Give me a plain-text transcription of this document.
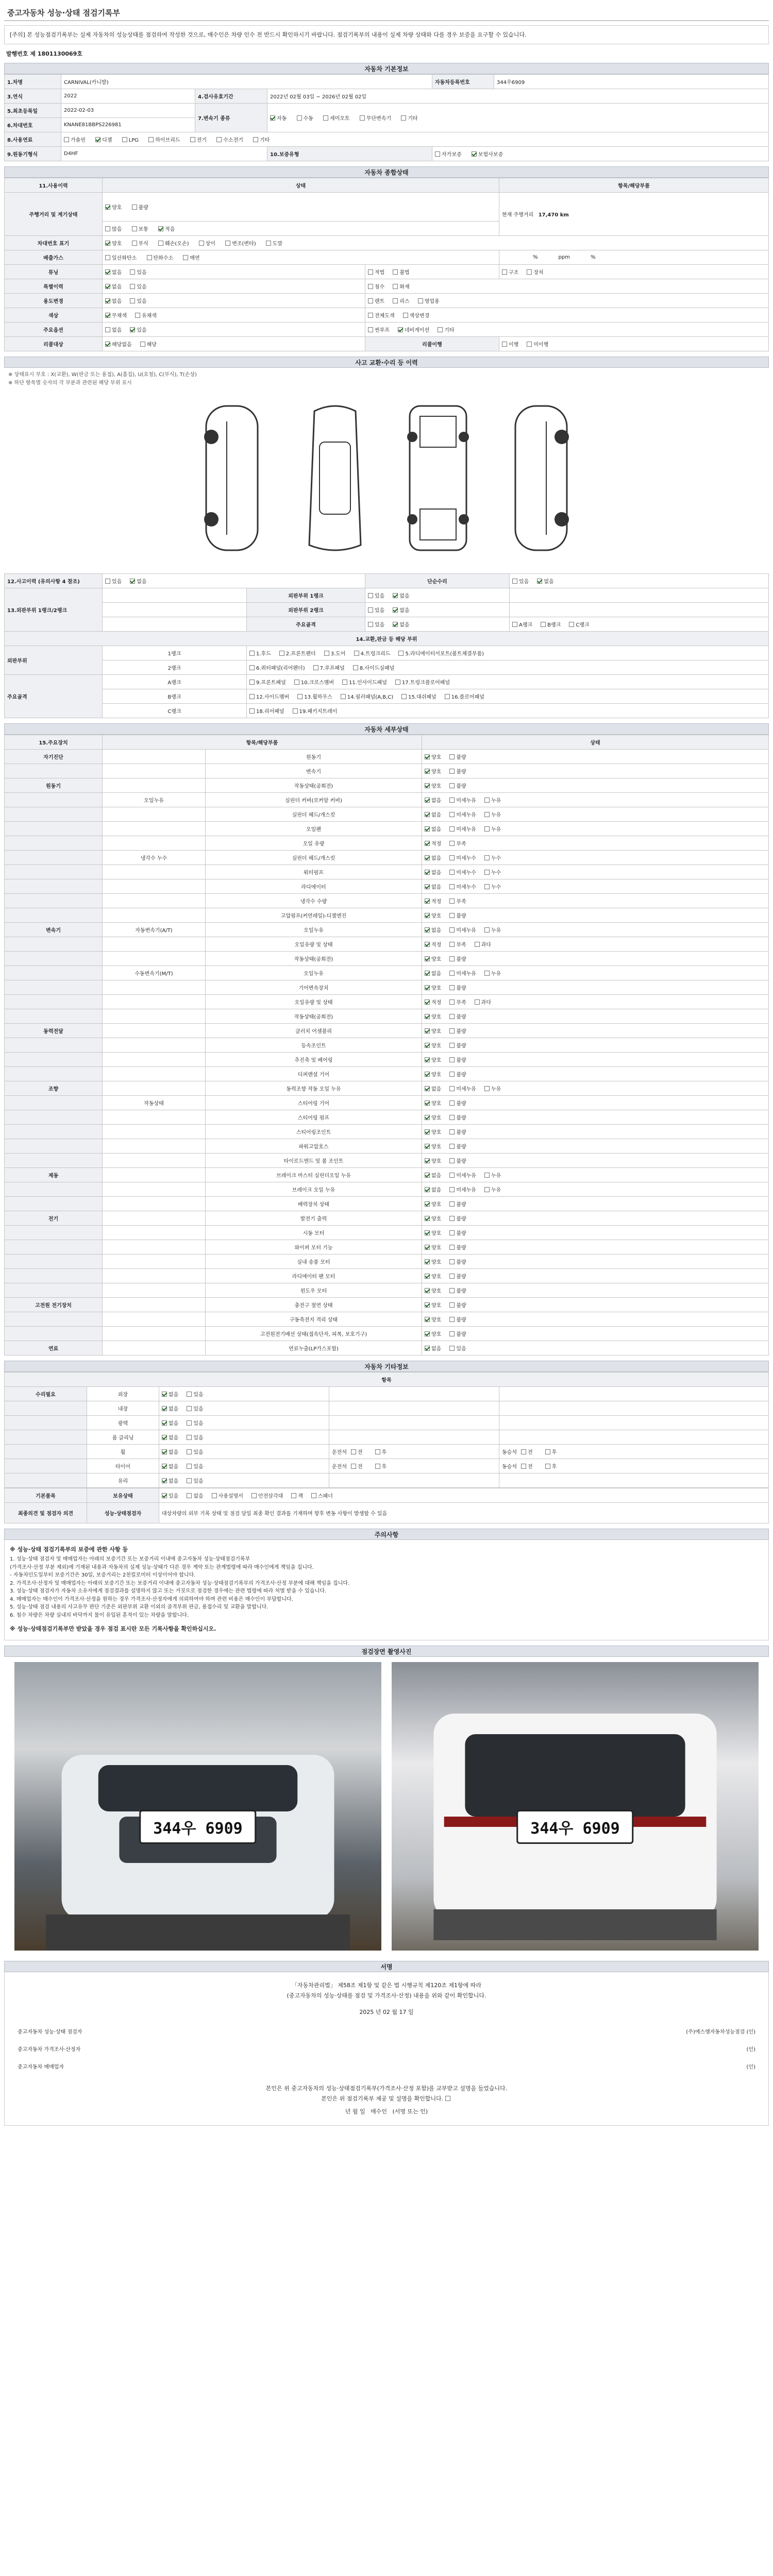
중고자동차 성능·상태 점검기록부
[주의] 본 성능점검기록부는 실제 자동차의 성능상태를 점검하여 작성한 것으로, 매수인은 차량 인수 전 반드시 확인하시기 바랍니다. 점검기록부의 내용이 실제 차량 상태와 다를 경우 보증을 요구할 수 있습니다.
발행번호 제 1801130069호
자동차 기본정보
1.차명	CARNIVAL(카니발)			자동차등록번호	344우6909
3.연식	2022	4.검사유효기간	2022년 02월 03일 ~ 2026년 02월 02일		
5.최초등록일	2022-02-03	7.변속기 종류	자동 수동 세미오토 무단변속기 기타		
6.차대번호	KNANE81BBPS226981				
8.사용연료	가솔린 디젤 LPG 하이브리드 전기 수소전기 기타				
9.원동기형식	D4HF		10.보증유형	자가보증 보험사보증	
자동차 종합상태
11.사용이력	상태		항목/해당부품
주행거리 및 계기상태	양호 불량		현재 주행거리 17,470 km
	많음 보통 적음		
차대번호 표기	양호 부식 훼손(오손) 상이 변조(변타) 도말		
배출가스	일산화탄소 탄화수소 매연		% ppm %
튜닝	없음 있음	적법 불법	구조 장치
특별이력	없음 있음	침수 화재	
용도변경	없음 있음	렌트 리스 영업용	
색상	무채색 유채색	전체도색 색상변경	
주요옵션	없음 있음	썬루프 네비게이션 기타	
리콜대상	해당없음 해당	리콜이행	이행 미이행
사고 교환·수리 등 이력
※ 상태표시 부호 : X(교환), W(판금 또는 용접), A(흠집), U(요철), C(부식), T(손상)
※ 하단 항목별 숫자의 각 부분과 관련된 해당 부위 표시
12.사고이력 (유의사항 4 참조)	있음 없음		단순수리	있음 없음
13.외판부위 1랭크/2랭크		외판부위 1랭크	있음 없음	
		외판부위 2랭크	있음 없음	
		주요골격	있음 없음	A랭크 B랭크 C랭크
14.교환,판금 등 해당 부위				
외판부위	1랭크	1.후드 2.프론트펜더 3.도어 4.트렁크리드 5.라디에이터서포트(볼트체결부품)		
	2랭크	6.쿼터패널(리어펜더) 7.루프패널 8.사이드실패널		
주요골격	A랭크	9.프론트패널 10.크로스멤버 11.인사이드패널 17.트렁크플로어패널		
	B랭크	12.사이드멤버 13.휠하우스 14.필러패널(A,B,C) 15.대쉬패널 16.플로어패널		
	C랭크	18.리어패널 19.패키지트레이		
자동차 세부상태
15.주요장치	항목/해당부품		상태
자기진단		원동기	양호 불량
		변속기	양호 불량
원동기		작동상태(공회전)	양호 불량
	오일누유	실린더 커버(로커암 커버)	없음 미세누유 누유
		실린더 헤드/개스킷	없음 미세누유 누유
		오일팬	없음 미세누유 누유
		오일 유량	적정 부족
	냉각수 누수	실린더 헤드/개스킷	없음 미세누수 누수
		워터펌프	없음 미세누수 누수
		라디에이터	없음 미세누수 누수
		냉각수 수량	적정 부족
		고압펌프(커먼레일)-디젤엔진	양호 불량
변속기	자동변속기(A/T)	오일누유	없음 미세누유 누유
		오일유량 및 상태	적정 부족 과다
		작동상태(공회전)	양호 불량
	수동변속기(M/T)	오일누유	없음 미세누유 누유
		기어변속장치	양호 불량
		오일유량 및 상태	적정 부족 과다
		작동상태(공회전)	양호 불량
동력전달		클러치 어셈블리	양호 불량
		등속조인트	양호 불량
		추진축 및 베어링	양호 불량
		디퍼렌셜 기어	양호 불량
조향		동력조향 작동 오일 누유	없음 미세누유 누유
	작동상태	스티어링 기어	양호 불량
		스티어링 펌프	양호 불량
		스티어링조인트	양호 불량
		파워고압호스	양호 불량
		타이로드엔드 및 볼 조인트	양호 불량
제동		브레이크 마스터 실린더오일 누유	없음 미세누유 누유
		브레이크 오일 누유	없음 미세누유 누유
		배력장치 상태	양호 불량
전기		발전기 출력	양호 불량
		시동 모터	양호 불량
		와이퍼 모터 기능	양호 불량
		실내 송풍 모터	양호 불량
		라디에이터 팬 모터	양호 불량
		윈도우 모터	양호 불량
고전원 전기장치		충전구 절연 상태	양호 불량
		구동축전지 격리 상태	양호 불량
		고전원전기배선 상태(접속단자, 피복, 보호기구)	양호 불량
연료		연료누출(LP가스포함)	없음 있음
자동차 기타정보
항목				
수리필요	외장	없음 있음		
	내장	없음 있음		
	광택	없음 있음		
	룸 클리닝	없음 있음		
	휠	없음 있음	운전석 전 후	동승석 전 후
	타이어	없음 있음	운전석 전 후	동승석 전 후
	유리	없음 있음		
기본품목	보유상태	있음 없음 사용설명서 안전삼각대 잭 스패너
최종의견 및 점검자 의견	성능·상태점검자	대상차량의 외부 기록 상태 및 점검 당일 최종 확인 결과를 기재하며 향후 변동 사항이 발생할 수 있음
주의사항
※ 성능·상태 점검기록부의 보증에 관한 사항 등

1. 성능·상태 점검자 및 매매업자는 아래의 보증기간 또는 보증거리 이내에 중고자동차 성능·상태점검기록부

(가격조사·산정 부분 제외)에 기재된 내용과 자동차의 실제 성능·상태가 다른 경우 계약 또는 관계법령에 따라 매수인에게 책임을 집니다.

- 자동차인도일부터 보증기간은 30일, 보증거리는 2천킬로미터 이상이어야 합니다.

2. 가격조사·산정자 및 매매업자는 아래의 보증기간 또는 보증거리 이내에 중고자동차 성능·상태점검기록부의 가격조사·산정 부분에 대해 책임을 집니다.

3. 성능·상태 점검자가 자동차 소유자에게 점검결과를 설명하지 않고 또는 거짓으로 점검한 경우에는 관련 법령에 따라 처벌 받을 수 있습니다.

4. 매매업자는 매수인이 가격조사·산정을 원하는 경우 가격조사·산정자에게 의뢰하여야 하며 관련 비용은 매수인이 부담합니다.

5. 성능·상태 점검 내용의 사고유무 판단 기준은 외판부위 교환 이외의 골격부위 판금, 용접수리 및 교환을 말합니다.

6. 침수 차량은 차량 실내의 바닥까지 물이 유입된 흔적이 있는 차량을 말합니다.

※ 성능·상태점검기록부만 받았을 경우 점검 표시란 모든 기록사항을 확인하십시오.
점검장면 촬영사진
344우 6909	344우 6909
서명
「자동차관리법」 제58조 제1항 및 같은 법 시행규칙 제120조 제1항에 따라
(중고자동차의 성능·상태를 점검 및 가격조사·산정) 내용을 위와 같이 확인합니다.
2025 년 02 월 17 일
중고자동차 성능·상태 점검자	(주)에스엠자동차성능점검 (인)
중고자동차 가격조사·산정자	(인)
중고자동차 매매업자	(인)
본인은 위 중고자동차의 성능·상태점검기록부(가격조사·산정 포함)를 교부받고 설명을 들었습니다.
본인은 위 점검기록부 제공 및 설명을 확인합니다.
년 월 일 매수인 (서명 또는 인)
